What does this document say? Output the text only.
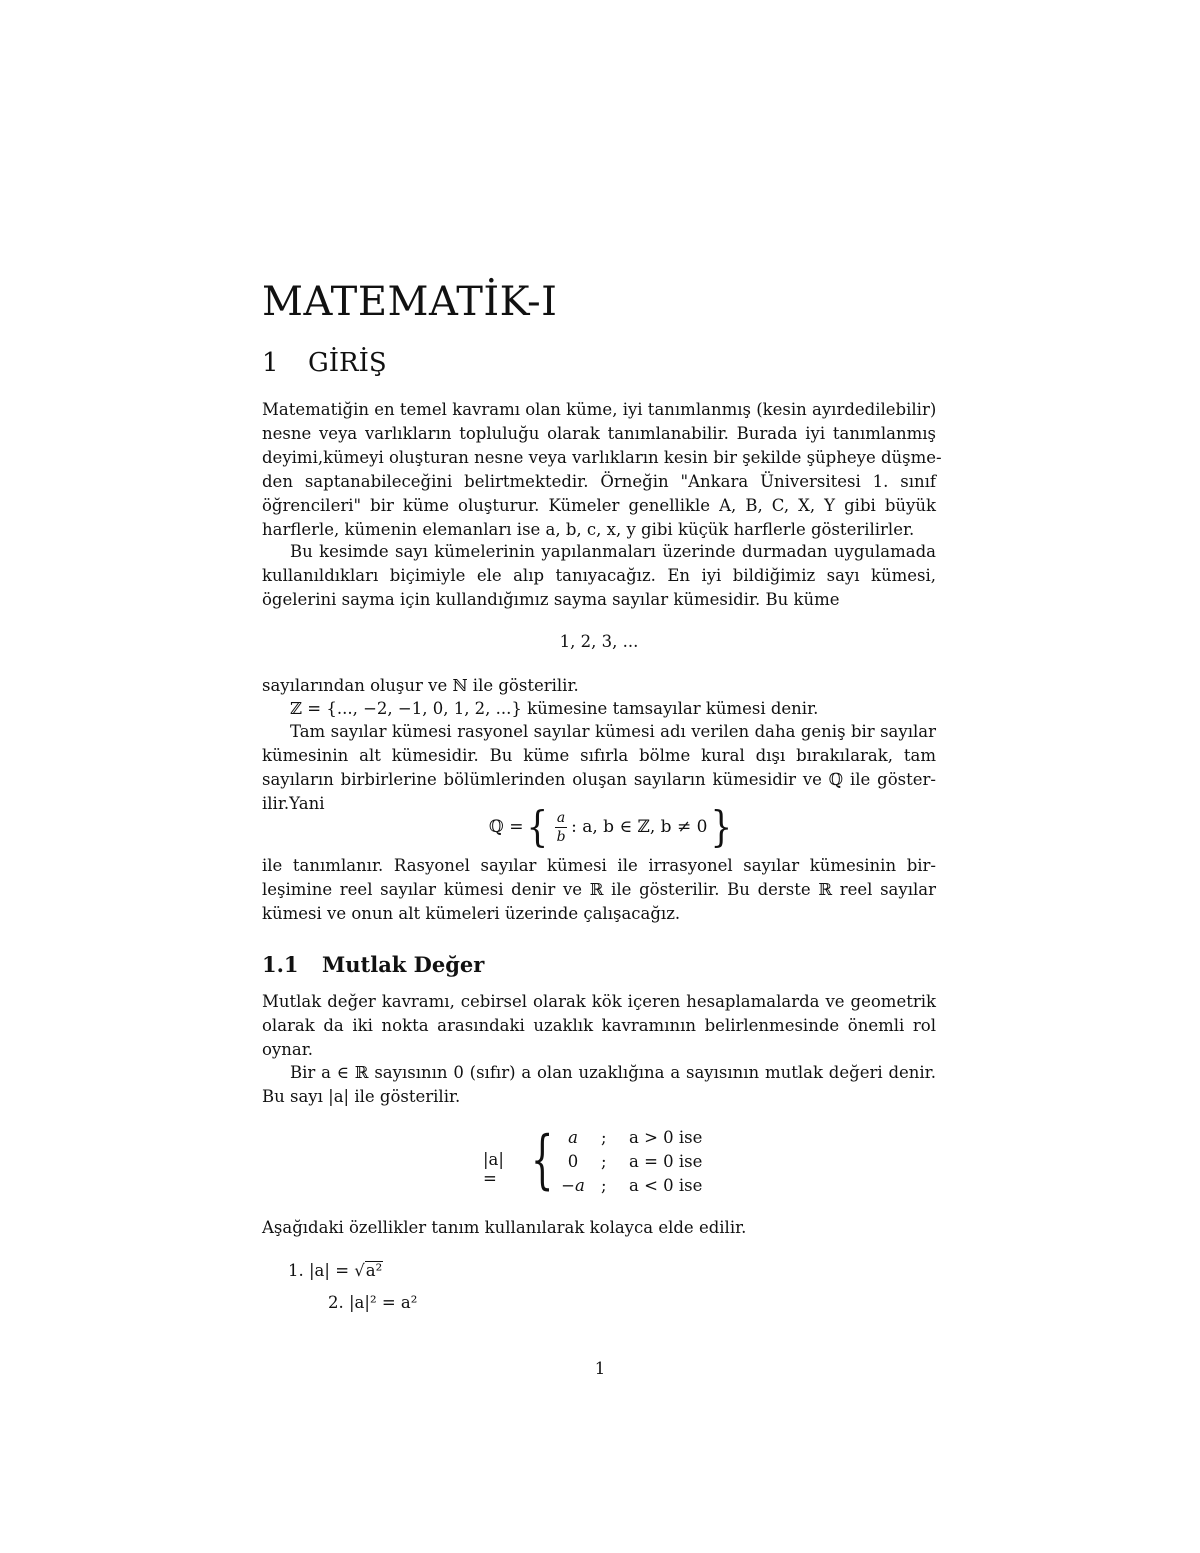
MATEMATİK-I
1 GİRİŞ
Matematiğin en temel kavramı olan küme, iyi tanımlanmış (kesin ayırdedilebilir)
nesne veya varlıkların topluluğu olarak tanımlanabilir. Burada iyi tanımlanmış
deyimi,kümeyi oluşturan nesne veya varlıkların kesin bir şekilde şüpheye düşme-
den saptanabileceğini belirtmektedir. Örneğin "Ankara Üniversitesi 1. sınıf
öğrencileri" bir küme oluşturur. Kümeler genellikle A, B, C, X, Y gibi büyük
harflerle, kümenin elemanları ise a, b, c, x, y gibi küçük harflerle gösterilirler.
Bu kesimde sayı kümelerinin yapılanmaları üzerinde durmadan uygulamada
kullanıldıkları biçimiyle ele alıp tanıyacağız. En iyi bildiğimiz sayı kümesi,
ögelerini sayma için kullandığımız sayma sayılar kümesidir. Bu küme
1, 2, 3, ...
sayılarından oluşur ve ℕ ile gösterilir.
ℤ = {..., −2, −1, 0, 1, 2, ...} kümesine tamsayılar kümesi denir.
Tam sayılar kümesi rasyonel sayılar kümesi adı verilen daha geniş bir sayılar
kümesinin alt kümesidir. Bu küme sıfırla bölme kural dışı bırakılarak, tam
sayıların birbirlerine bölümlerinden oluşan sayıların kümesidir ve ℚ ile göster-
ilir.Yani
ℚ = { $\frac{a}{b}$ : a, b ∈ ℤ, b ≠ 0 }
ile tanımlanır. Rasyonel sayılar kümesi ile irrasyonel sayılar kümesinin bir-
leşimine reel sayılar kümesi denir ve ℝ ile gösterilir. Bu derste ℝ reel sayılar
kümesi ve onun alt kümeleri üzerinde çalışacağız.
1.1 Mutlak Değer
Mutlak değer kavramı, cebirsel olarak kök içeren hesaplamalarda ve geometrik
olarak da iki nokta arasındaki uzaklık kavramının belirlenmesinde önemli rol
oynar.
Bir a ∈ ℝ sayısının 0 (sıfır) a olan uzaklığına a sayısının mutlak değeri denir.
Bu sayı |a| ile gösterilir.
|a| = { a	; a > 0 ise
0	; a = 0 ise
−a ; a < 0 ise
Aşağıdaki özellikler tanım kullanılarak kolayca elde edilir.
1. |a| = √a²
2. |a|² = a²
1
